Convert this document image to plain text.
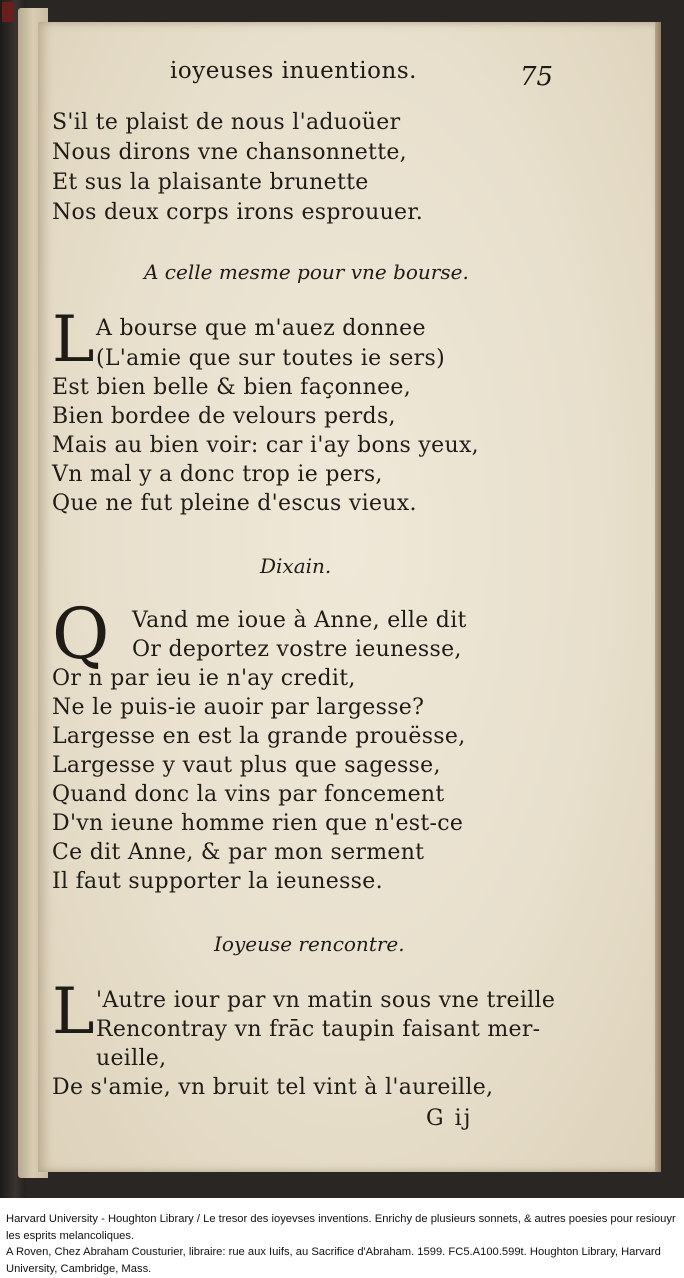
ioyeuses inuentions.	75
S'il te plaist de nous l'aduoüer
Nous dirons vne chansonnette,
Et sus la plaisante brunette
Nos deux corps irons esprouuer.
A celle mesme pour vne bourse.
L A bourse que m'auez donnee
(L'amie que sur toutes ie sers)
Est bien belle & bien façonnee,
Bien bordee de velours perds,
Mais au bien voir: car i'ay bons yeux,
Vn mal y a donc trop ie pers,
Que ne fut pleine d'escus vieux.
Dixain.
Q Vand me ioue à Anne, elle dit
Or deportez vostre ieunesse,
Or n par ieu ie n'ay credit,
Ne le puis-ie auoir par largesse?
Largesse en est la grande prouësse,
Largesse y vaut plus que sagesse,
Quand donc la vins par foncement
D'vn ieune homme rien que n'est-ce
Ce dit Anne, & par mon serment
Il faut supporter la ieunesse.
Ioyeuse rencontre.
L 'Autre iour par vn matin sous vne treille
Rencontray vn frāc taupin faisant mer-
ueille,
De s'amie, vn bruit tel vint à l'aureille,
G ij
Harvard University - Houghton Library / Le tresor des ioyevses inventions. Enrichy de plusieurs sonnets, & autres poesies pour resiouyr les esprits melancoliques.
A Roven, Chez Abraham Cousturier, libraire: rue aux Iuifs, au Sacrifice d'Abraham. 1599. FC5.A100.599t. Houghton Library, Harvard University, Cambridge, Mass.
